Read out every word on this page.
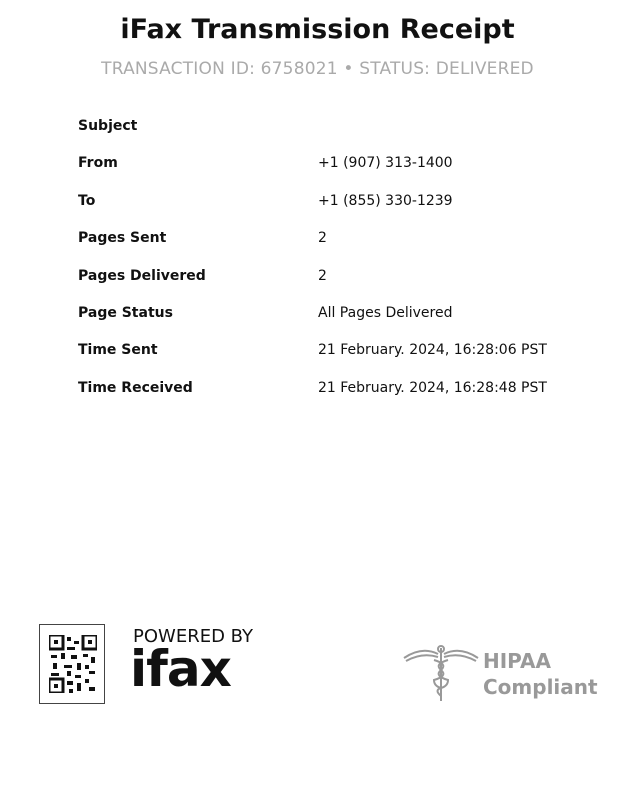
iFax Transmission Receipt
TRANSACTION ID: 6758021 • STATUS: DELIVERED
Subject
From	+1 (907) 313-1400
To	+1 (855) 330-1239
Pages Sent	2
Pages Delivered	2
Page Status	All Pages Delivered
Time Sent	21 February. 2024, 16:28:06 PST
Time Received	21 February. 2024, 16:28:48 PST
POWERED BY
ifax	HIPAA
Compliant
